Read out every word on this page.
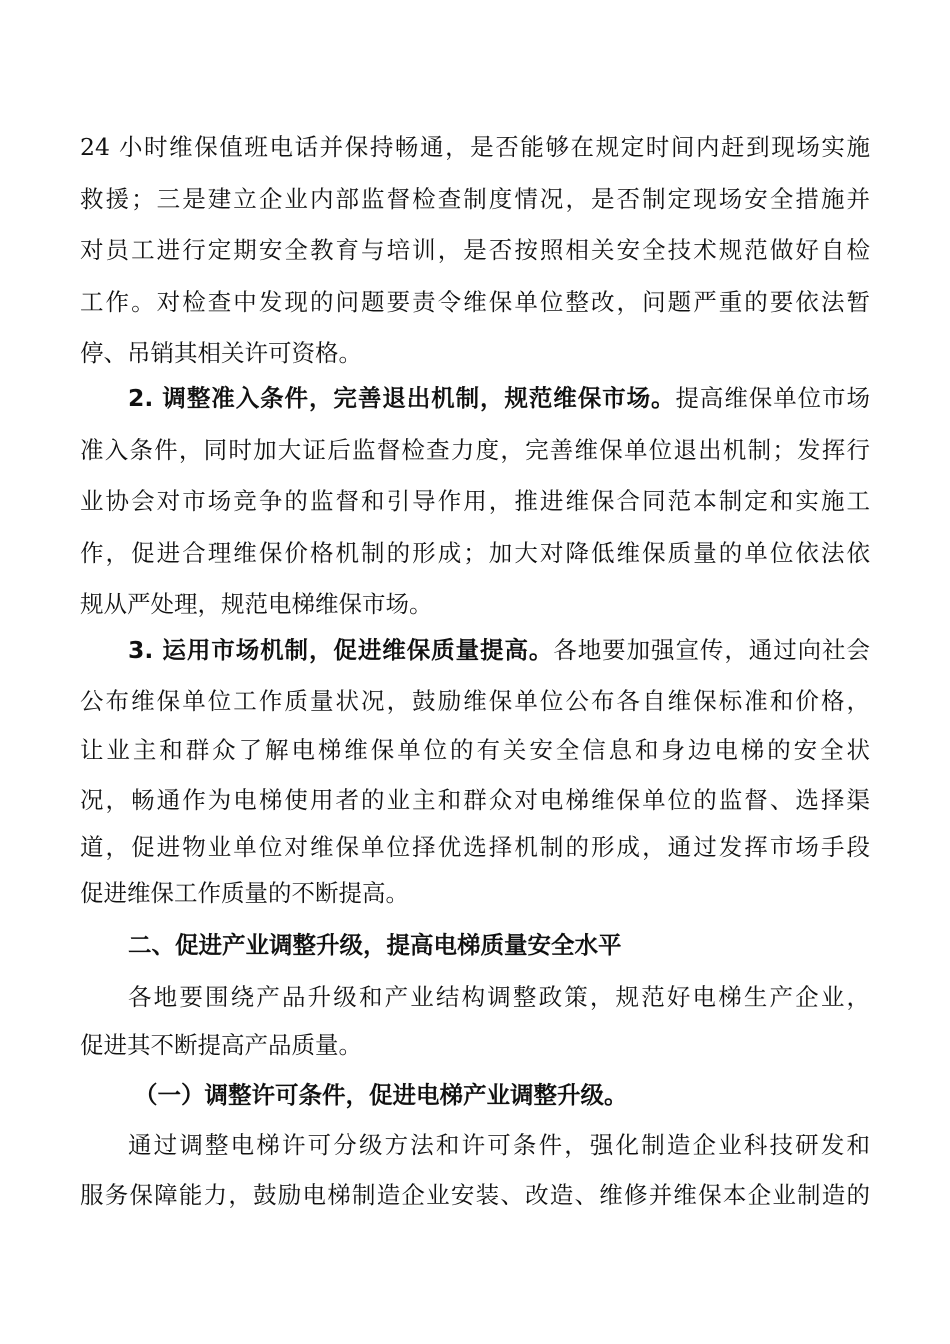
24 小时维保值班电话并保持畅通，是否能够在规定时间内赶到现场实施
救援；三是建立企业内部监督检查制度情况，是否制定现场安全措施并
对员工进行定期安全教育与培训，是否按照相关安全技术规范做好自检
工作。对检查中发现的问题要责令维保单位整改，问题严重的要依法暂
停、吊销其相关许可资格。
2. 调整准入条件，完善退出机制，规范维保市场。提高维保单位市场
准入条件，同时加大证后监督检查力度，完善维保单位退出机制；发挥行
业协会对市场竞争的监督和引导作用，推进维保合同范本制定和实施工
作，促进合理维保价格机制的形成；加大对降低维保质量的单位依法依
规从严处理，规范电梯维保市场。
3. 运用市场机制，促进维保质量提高。各地要加强宣传，通过向社会
公布维保单位工作质量状况，鼓励维保单位公布各自维保标准和价格，
让业主和群众了解电梯维保单位的有关安全信息和身边电梯的安全状
况，畅通作为电梯使用者的业主和群众对电梯维保单位的监督、选择渠
道，促进物业单位对维保单位择优选择机制的形成，通过发挥市场手段
促进维保工作质量的不断提高。
二、促进产业调整升级，提高电梯质量安全水平
各地要围绕产品升级和产业结构调整政策，规范好电梯生产企业，
促进其不断提高产品质量。
（一）调整许可条件，促进电梯产业调整升级。
通过调整电梯许可分级方法和许可条件，强化制造企业科技研发和
服务保障能力，鼓励电梯制造企业安装、改造、维修并维保本企业制造的
